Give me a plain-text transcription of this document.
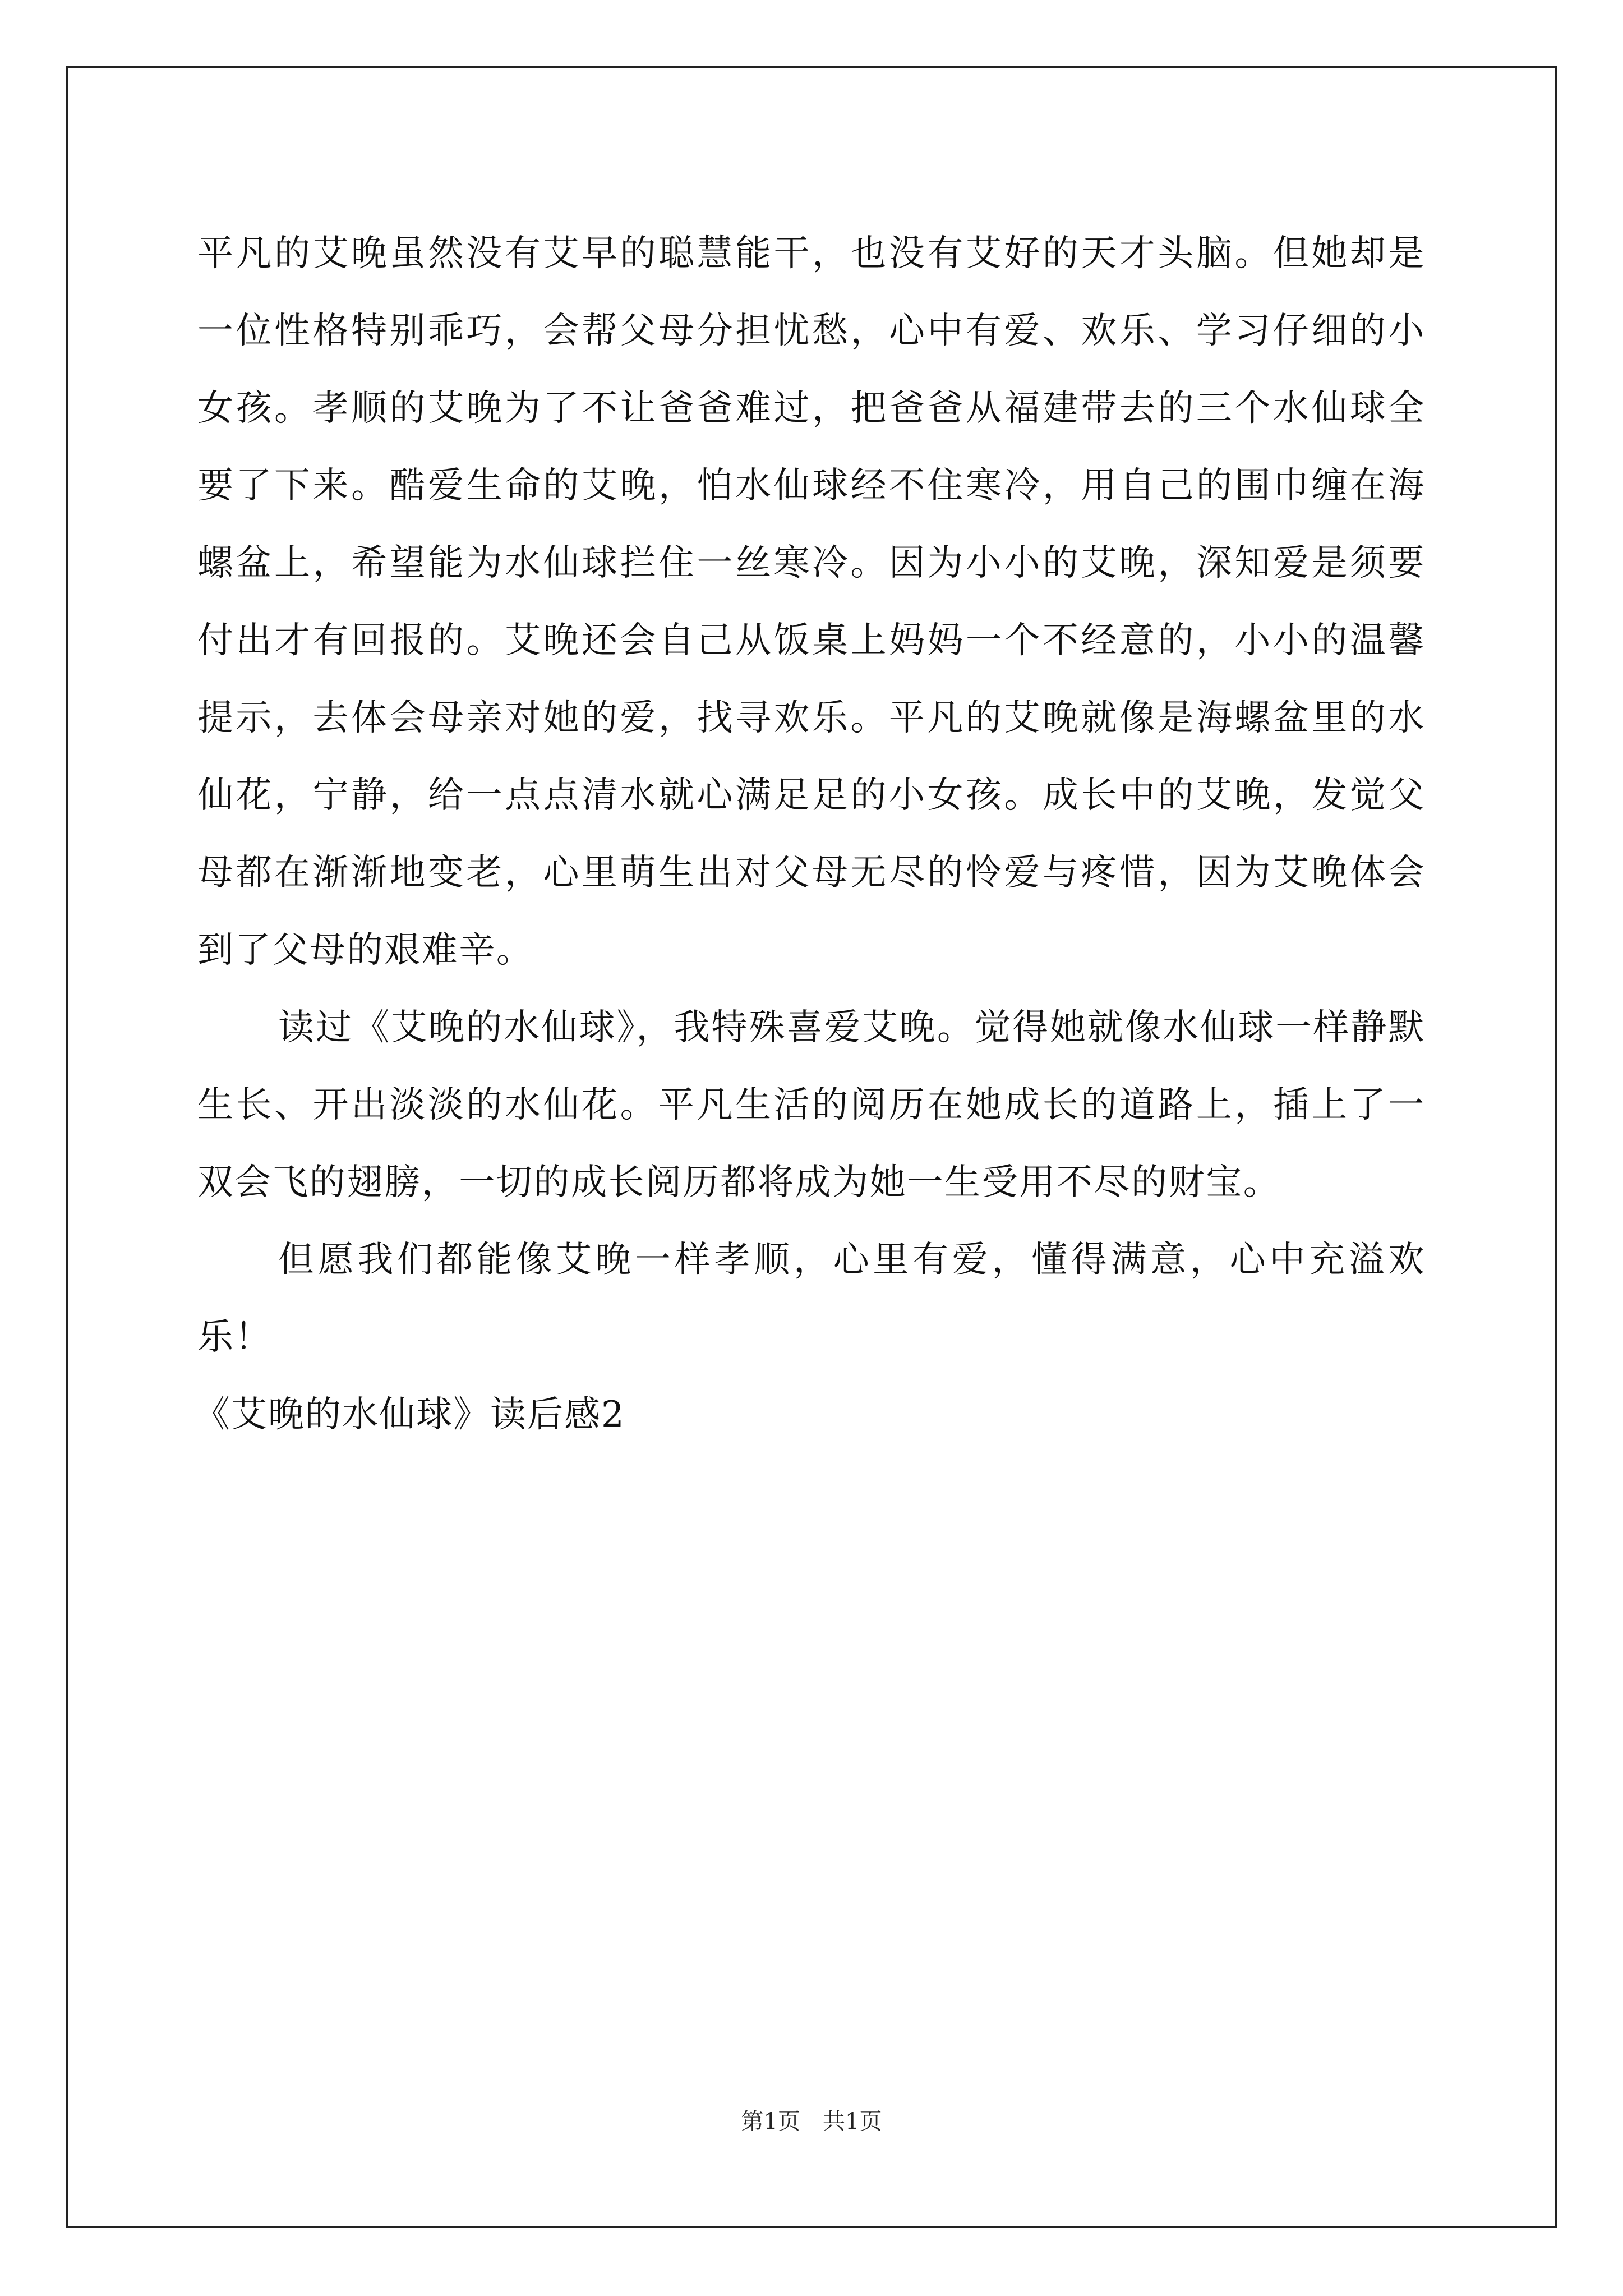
平凡的艾晚虽然没有艾早的聪慧能干，也没有艾好的天才头脑。但她却是一位性格特别乖巧，会帮父母分担忧愁，心中有爱、欢乐、学习仔细的小女孩。孝顺的艾晚为了不让爸爸难过，把爸爸从福建带去的三个水仙球全要了下来。酷爱生命的艾晚，怕水仙球经不住寒冷，用自己的围巾缠在海螺盆上，希望能为水仙球拦住一丝寒冷。因为小小的艾晚，深知爱是须要付出才有回报的。艾晚还会自己从饭桌上妈妈一个不经意的，小小的温馨提示，去体会母亲对她的爱，找寻欢乐。平凡的艾晚就像是海螺盆里的水仙花，宁静，给一点点清水就心满足足的小女孩。成长中的艾晚，发觉父母都在渐渐地变老，心里萌生出对父母无尽的怜爱与疼惜，因为艾晚体会到了父母的艰难辛。

读过《艾晚的水仙球》，我特殊喜爱艾晚。觉得她就像水仙球一样静默生长、开出淡淡的水仙花。平凡生活的阅历在她成长的道路上，插上了一双会飞的翅膀，一切的成长阅历都将成为她一生受用不尽的财宝。

但愿我们都能像艾晚一样孝顺，心里有爱，懂得满意，心中充溢欢乐！

《艾晚的水仙球》读后感2

第1页　共1页
